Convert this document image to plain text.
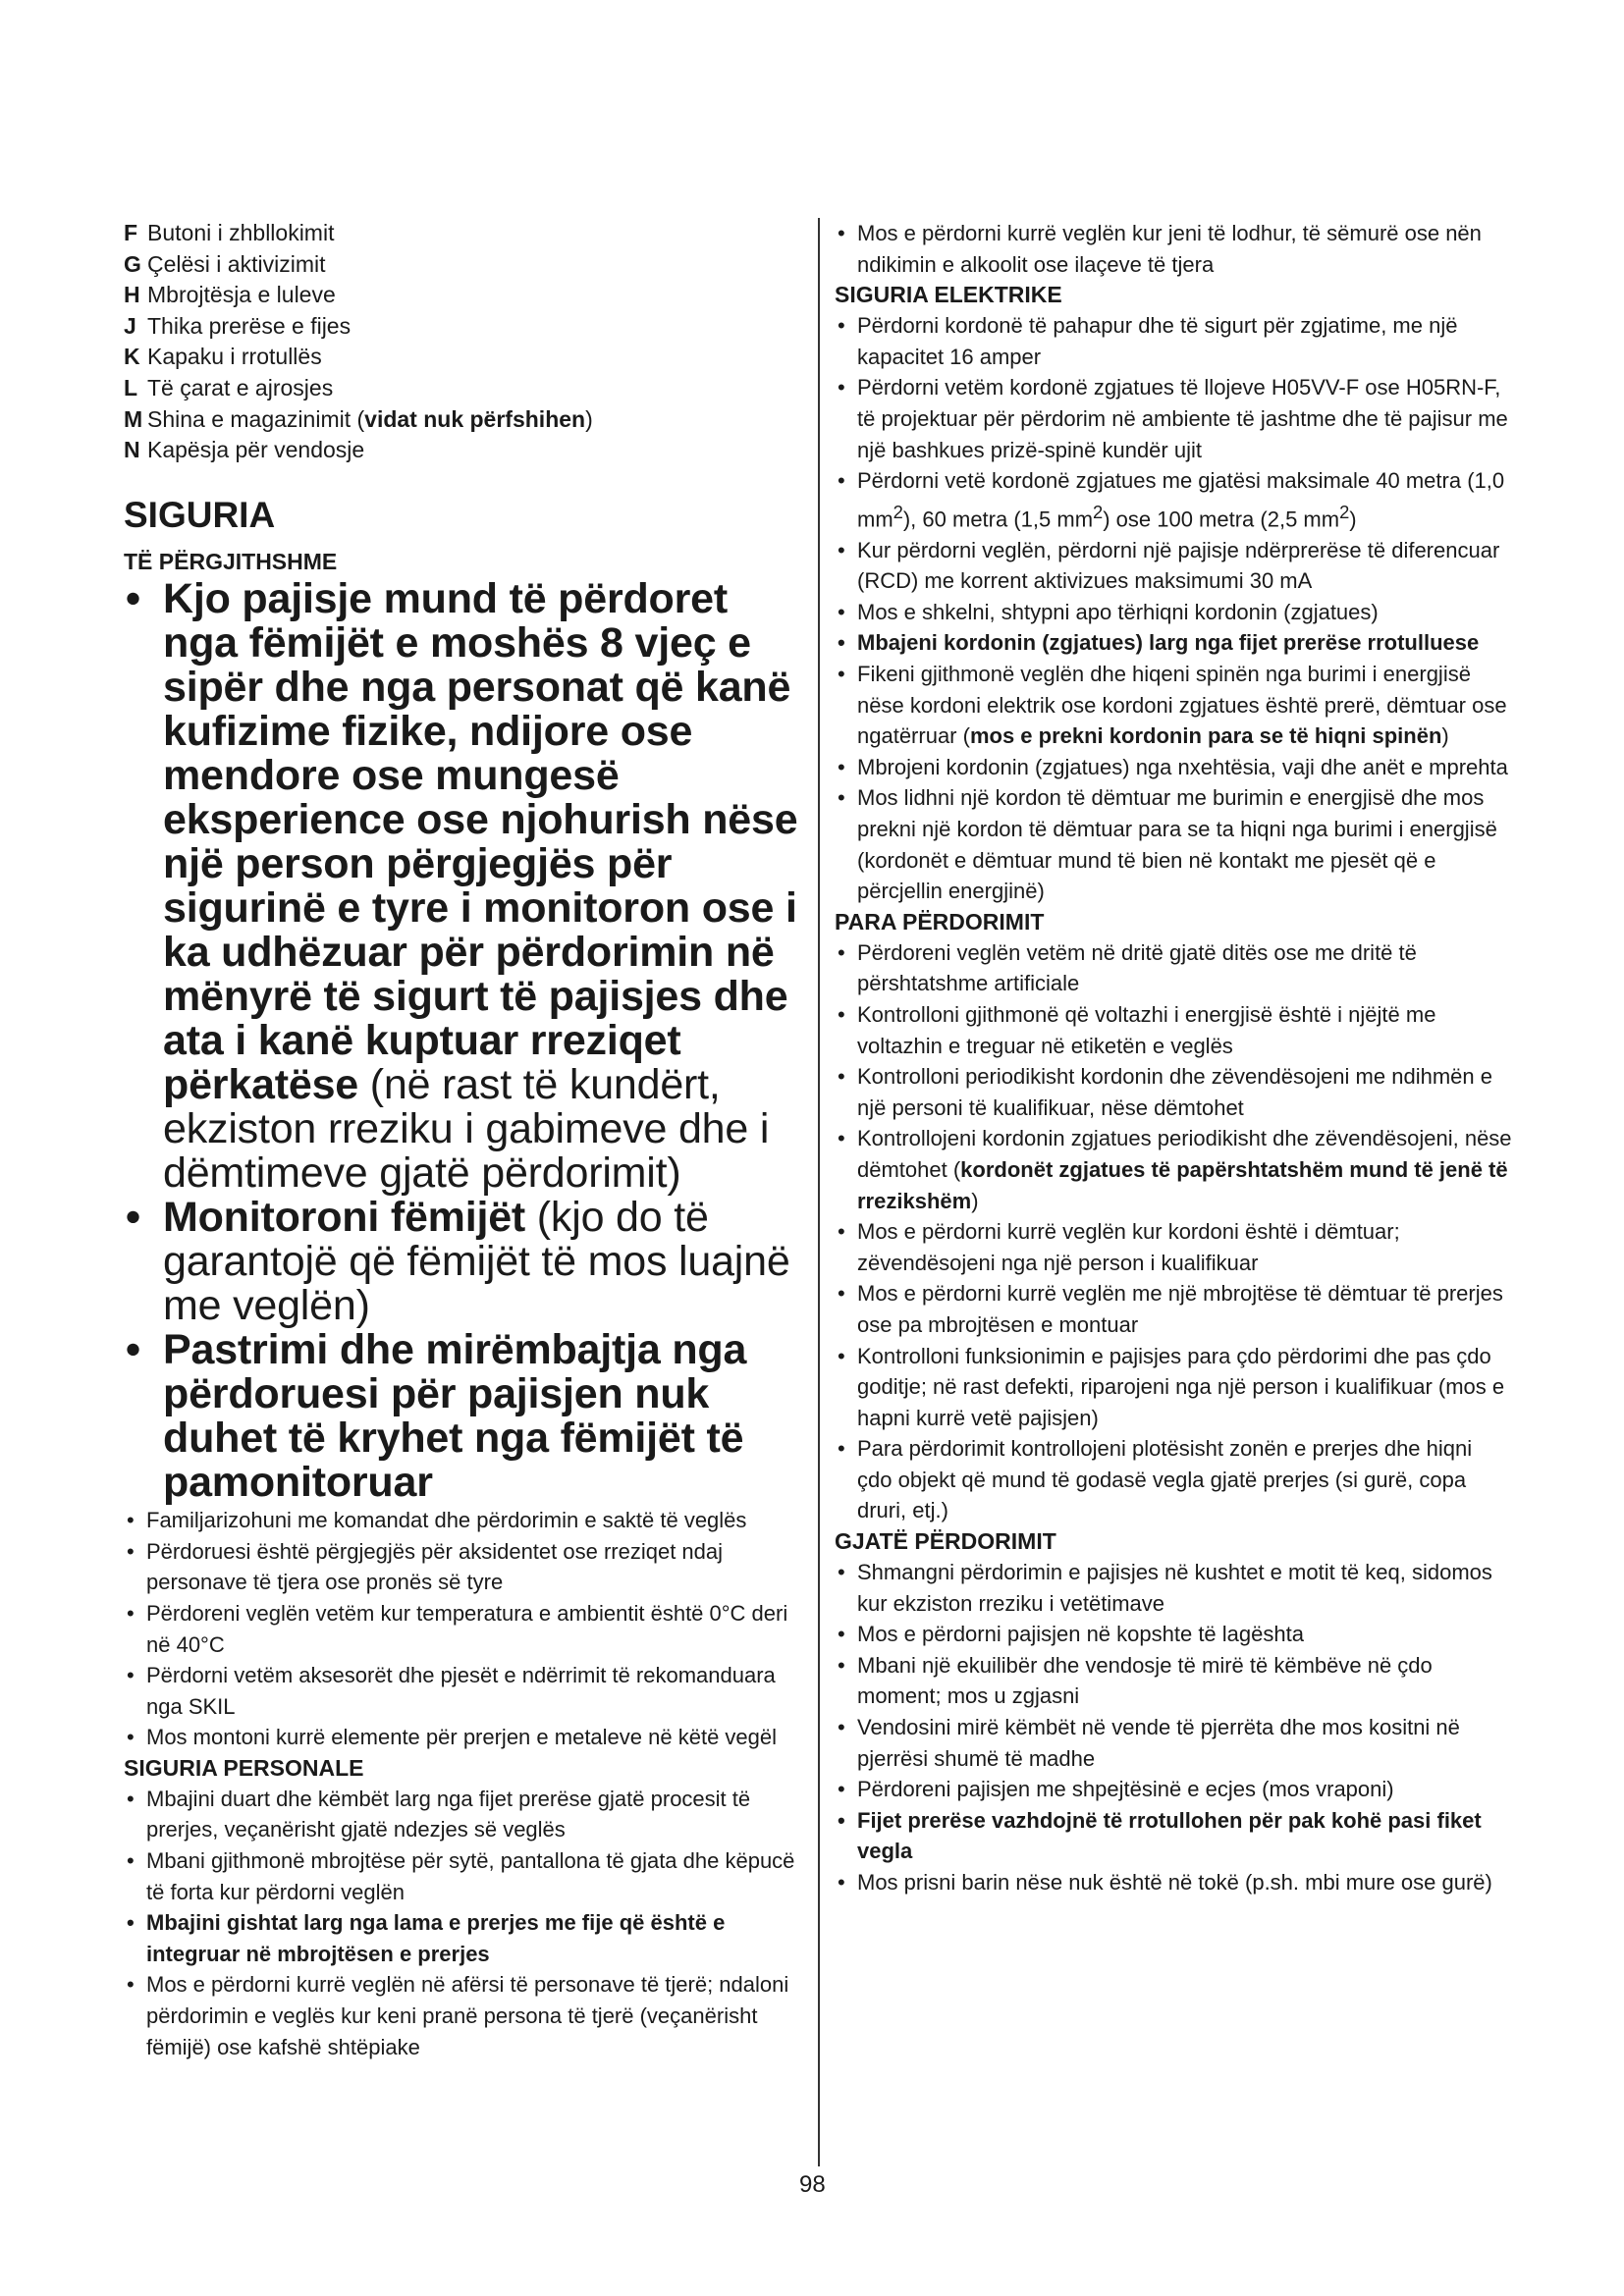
F Butoni i zhbllokimit
G Çelësi i aktivizimit
H Mbrojtësja e luleve
J Thika prerëse e fijes
K Kapaku i rrotullës
L Të çarat e ajrosjes
M Shina e magazinimit (vidat nuk përfshihen)
N Kapësja për vendosje
SIGURIA
TË PËRGJITHSHME
• Kjo pajisje mund të përdoret nga fëmijët e moshës 8 vjeç e sipër dhe nga personat që kanë kufizime fizike, ndijore ose mendore ose mungesë eksperience ose njohurish nëse një person përgjegjës për sigurinë e tyre i monitoron ose i ka udhëzuar për përdorimin në mënyrë të sigurt të pajisjes dhe ata i kanë kuptuar rreziqet përkatëse (në rast të kundërt, ekziston rreziku i gabimeve dhe i dëmtimeve gjatë përdorimit)
• Monitoroni fëmijët (kjo do të garantojë që fëmijët të mos luajnë me veglën)
• Pastrimi dhe mirëmbajtja nga përdoruesi për pajisjen nuk duhet të kryhet nga fëmijët të pamonitoruar
• Familjarizohuni me komandat dhe përdorimin e saktë të veglës
• Përdoruesi është përgjegjës për aksidentet ose rreziqet ndaj personave të tjera ose pronës së tyre
• Përdoreni veglën vetëm kur temperatura e ambientit është 0°C deri në 40°C
• Përdorni vetëm aksesorët dhe pjesët e ndërrimit të rekomanduara nga SKIL
• Mos montoni kurrë elemente për prerjen e metaleve në këtë vegël
SIGURIA PERSONALE
• Mbajini duart dhe këmbët larg nga fijet prerëse gjatë procesit të prerjes, veçanërisht gjatë ndezjes së veglës
• Mbani gjithmonë mbrojtëse për sytë, pantallona të gjata dhe këpucë të forta kur përdorni veglën
• Mbajini gishtat larg nga lama e prerjes me fije që është e integruar në mbrojtësen e prerjes
• Mos e përdorni kurrë veglën në afërsi të personave të tjerë; ndaloni përdorimin e veglës kur keni pranë persona të tjerë (veçanërisht fëmijë) ose kafshë shtëpiake
• Mos e përdorni kurrë veglën kur jeni të lodhur, të sëmurë ose nën ndikimin e alkoolit ose ilaçeve të tjera
SIGURIA ELEKTRIKE
• Përdorni kordonë të pahapur dhe të sigurt për zgjatime, me një kapacitet 16 amper
• Përdorni vetëm kordonë zgjatues të llojeve H05VV-F ose H05RN-F, të projektuar për përdorim në ambiente të jashtme dhe të pajisur me një bashkues prizë-spinë kundër ujit
• Përdorni vetë kordonë zgjatues me gjatësi maksimale 40 metra (1,0 $mm^2$), 60 metra (1,5 $mm^2$) ose 100 metra (2,5 $mm^2$)
• Kur përdorni veglën, përdorni një pajisje ndërprerëse të diferencuar (RCD) me korrent aktivizues maksimumi 30 mA
• Mos e shkelni, shtypni apo tërhiqni kordonin (zgjatues)
• Mbajeni kordonin (zgjatues) larg nga fijet prerëse rrotulluese
• Fikeni gjithmonë veglën dhe hiqeni spinën nga burimi i energjisë nëse kordoni elektrik ose kordoni zgjatues është prerë, dëmtuar ose ngatërruar (mos e prekni kordonin para se të hiqni spinën)
• Mbrojeni kordonin (zgjatues) nga nxehtësia, vaji dhe anët e mprehta
• Mos lidhni një kordon të dëmtuar me burimin e energjisë dhe mos prekni një kordon të dëmtuar para se ta hiqni nga burimi i energjisë (kordonët e dëmtuar mund të bien në kontakt me pjesët që e përcjellin energjinë)
PARA PËRDORIMIT
• Përdoreni veglën vetëm në dritë gjatë ditës ose me dritë të përshtatshme artificiale
• Kontrolloni gjithmonë që voltazhi i energjisë është i njëjtë me voltazhin e treguar në etiketën e veglës
• Kontrolloni periodikisht kordonin dhe zëvendësojeni me ndihmën e një personi të kualifikuar, nëse dëmtohet
• Kontrollojeni kordonin zgjatues periodikisht dhe zëvendësojeni, nëse dëmtohet (kordonët zgjatues të papërshtatshëm mund të jenë të rrezikshëm)
• Mos e përdorni kurrë veglën kur kordoni është i dëmtuar; zëvendësojeni nga një person i kualifikuar
• Mos e përdorni kurrë veglën me një mbrojtëse të dëmtuar të prerjes ose pa mbrojtësen e montuar
• Kontrolloni funksionimin e pajisjes para çdo përdorimi dhe pas çdo goditje; në rast defekti, riparojeni nga një person i kualifikuar (mos e hapni kurrë vetë pajisjen)
• Para përdorimit kontrollojeni plotësisht zonën e prerjes dhe hiqni çdo objekt që mund të godasë vegla gjatë prerjes (si gurë, copa druri, etj.)
GJATË PËRDORIMIT
• Shmangni përdorimin e pajisjes në kushtet e motit të keq, sidomos kur ekziston rreziku i vetëtimave
• Mos e përdorni pajisjen në kopshte të lagështa
• Mbani një ekuilibër dhe vendosje të mirë të këmbëve në çdo moment; mos u zgjasni
• Vendosini mirë këmbët në vende të pjerrëta dhe mos kositni në pjerrësi shumë të madhe
• Përdoreni pajisjen me shpejtësinë e ecjes (mos vraponi)
• Fijet prerëse vazhdojnë të rrotullohen për pak kohë pasi fiket vegla
• Mos prisni barin nëse nuk është në tokë (p.sh. mbi mure ose gurë)
98
